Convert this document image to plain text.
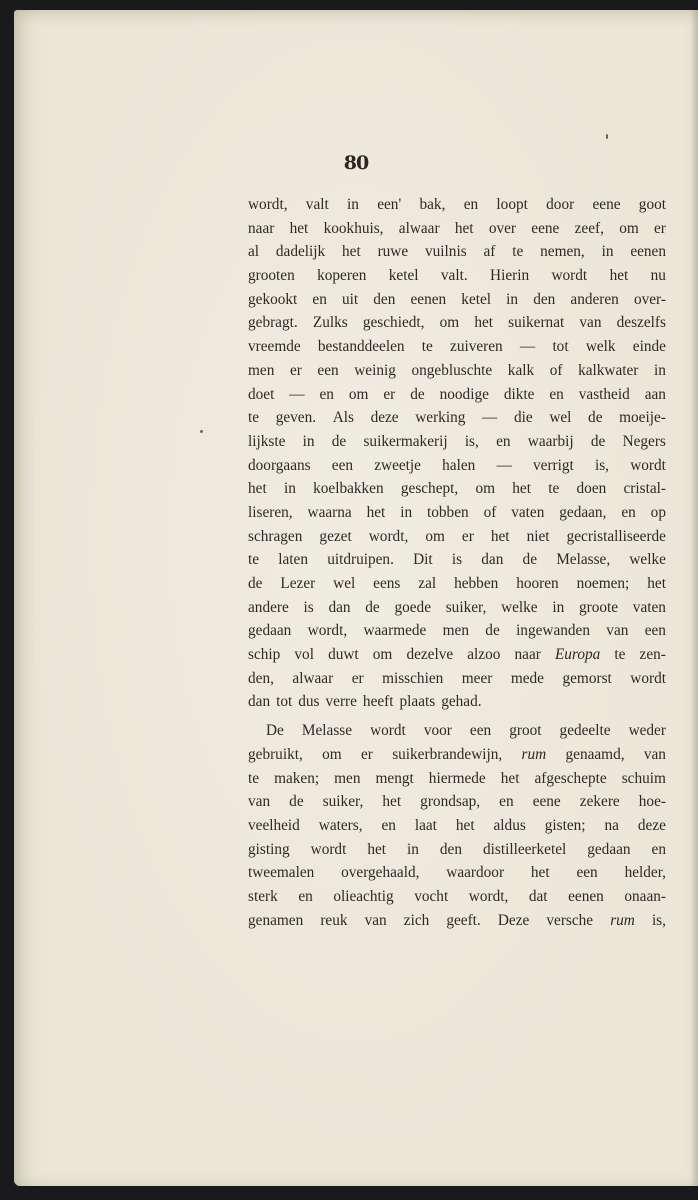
80
wordt, valt in een' bak, en loopt door eene goot
naar het kookhuis, alwaar het over eene zeef, om er
al dadelijk het ruwe vuilnis af te nemen, in eenen
grooten koperen ketel valt. Hierin wordt het nu
gekookt en uit den eenen ketel in den anderen over-
gebragt. Zulks geschiedt, om het suikernat van deszelfs
vreemde bestanddeelen te zuiveren — tot welk einde
men er een weinig ongebluschte kalk of kalkwater in
doet — en om er de noodige dikte en vastheid aan
te geven. Als deze werking — die wel de moeije-
lijkste in de suikermakerij is, en waarbij de Negers
doorgaans een zweetje halen — verrigt is, wordt
het in koelbakken geschept, om het te doen cristal-
liseren, waarna het in tobben of vaten gedaan, en op
schragen gezet wordt, om er het niet gecristalliseerde
te laten uitdruipen. Dit is dan de Melasse, welke
de Lezer wel eens zal hebben hooren noemen; het
andere is dan de goede suiker, welke in groote vaten
gedaan wordt, waarmede men de ingewanden van een
schip vol duwt om dezelve alzoo naar Europa te zen-
den, alwaar er misschien meer mede gemorst wordt
dan tot dus verre heeft plaats gehad.
De Melasse wordt voor een groot gedeelte weder
gebruikt, om er suikerbrandewijn, rum genaamd, van
te maken; men mengt hiermede het afgeschepte schuim
van de suiker, het grondsap, en eene zekere hoe-
veelheid waters, en laat het aldus gisten; na deze
gisting wordt het in den distilleerketel gedaan en
tweemalen overgehaald, waardoor het een helder,
sterk en olieachtig vocht wordt, dat eenen onaan-
genamen reuk van zich geeft. Deze versche rum is,
